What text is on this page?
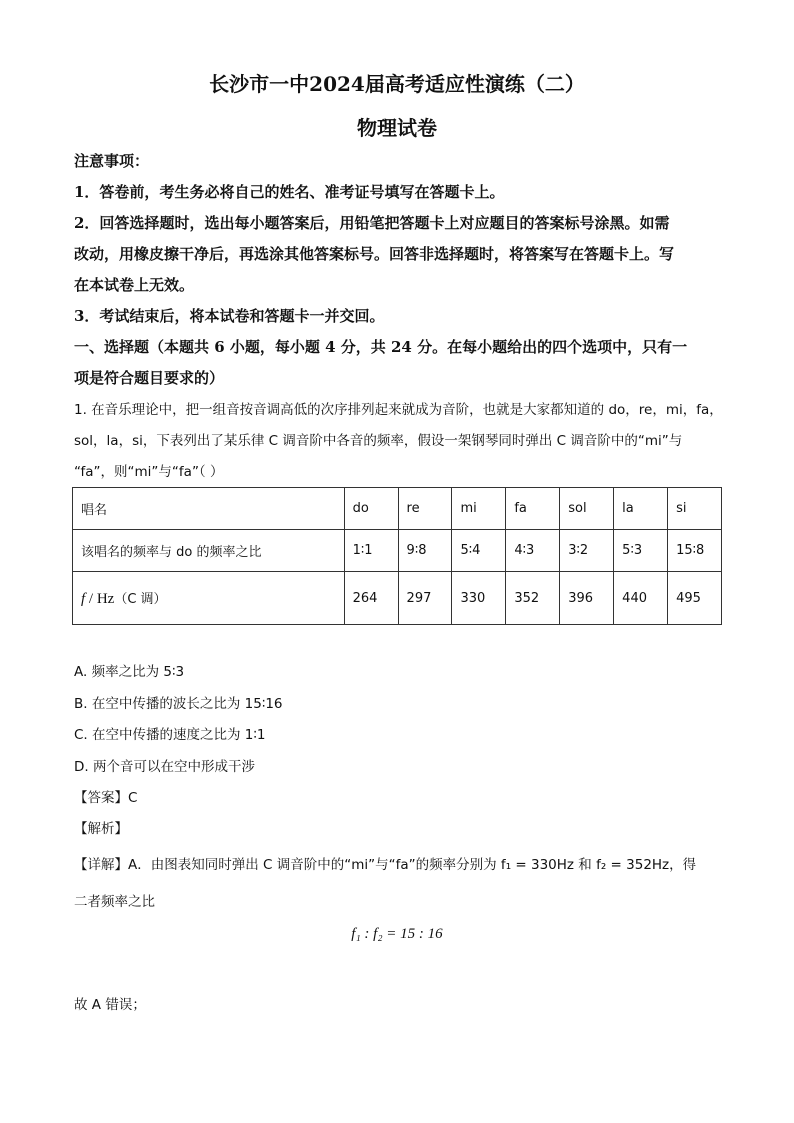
长沙市一中2024届高考适应性演练（二）
物理试卷
注意事项：
1．答卷前，考生务必将自己的姓名、准考证号填写在答题卡上。
2．回答选择题时，选出每小题答案后，用铅笔把答题卡上对应题目的答案标号涂黑。如需
改动，用橡皮擦干净后，再选涂其他答案标号。回答非选择题时，将答案写在答题卡上。写
在本试卷上无效。
3．考试结束后，将本试卷和答题卡一并交回。
一、选择题（本题共 6 小题，每小题 4 分，共 24 分。在每小题给出的四个选项中，只有一
项是符合题目要求的）
1. 在音乐理论中，把一组音按音调高低的次序排列起来就成为音阶，也就是大家都知道的 do，re，mi，fa，
sol，la，si，下表列出了某乐律 C 调音阶中各音的频率，假设一架钢琴同时弹出 C 调音阶中的“mi”与
“fa”，则“mi”与“fa”（ ）
唱名	do	re	mi	fa	sol	la	si
该唱名的频率与 do 的频率之比	1∶1	9∶8	5∶4	4∶3	3∶2	5∶3	15∶8
f / Hz（C 调）	264	297	330	352	396	440	495
A. 频率之比为 5∶3
B. 在空中传播的波长之比为 15∶16
C. 在空中传播的速度之比为 1∶1
D. 两个音可以在空中形成干涉
【答案】C
【解析】
【详解】A．由图表知同时弹出 C 调音阶中的“mi”与“fa”的频率分别为 f₁ = 330Hz 和 f₂ = 352Hz，得
二者频率之比
f₁ : f₂ = 15 : 16
故 A 错误；
